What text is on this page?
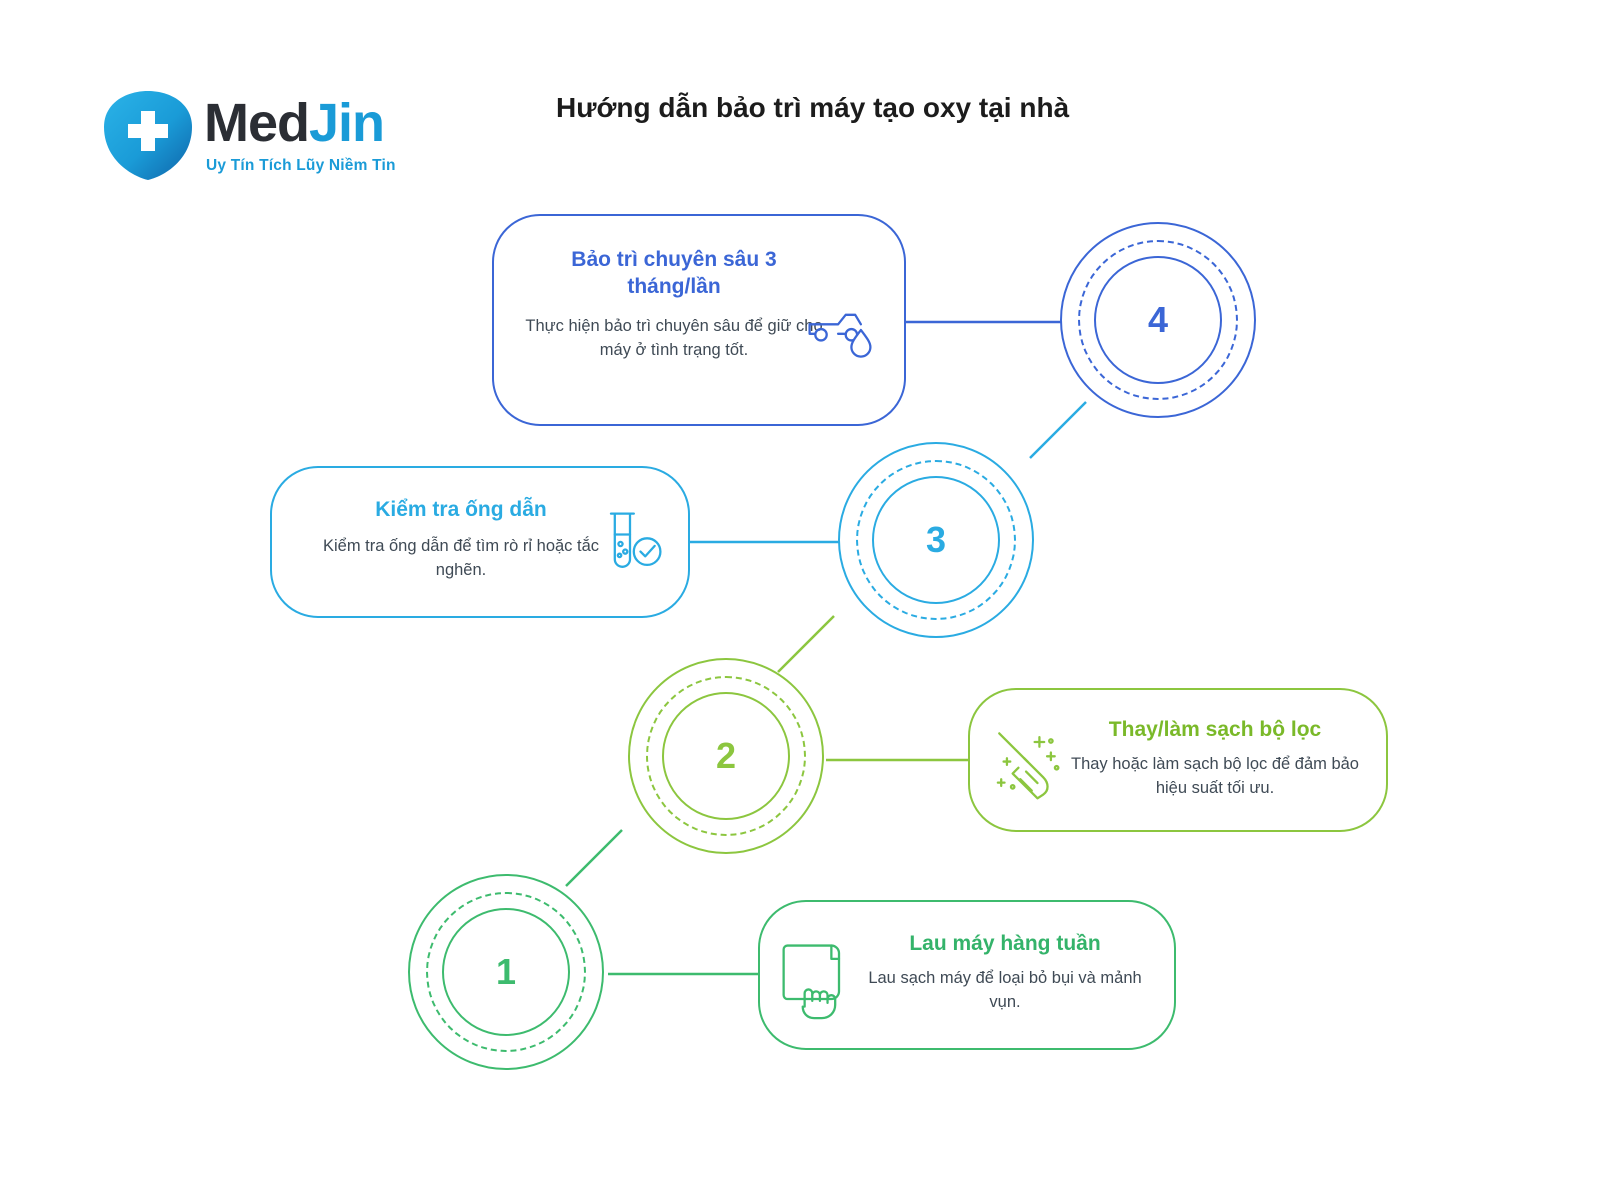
MedJin
Uy Tín Tích Lũy Niềm Tin
Hướng dẫn bảo trì máy tạo oxy tại nhà
4
3
2
1
Bảo trì chuyên sâu 3 tháng/lần
Thực hiện bảo trì chuyên sâu để giữ cho máy ở tình trạng tốt.
Kiểm tra ống dẫn
Kiểm tra ống dẫn để tìm rò rỉ hoặc tắc nghẽn.
Thay/làm sạch bộ lọc
Thay hoặc làm sạch bộ lọc để đảm bảo hiệu suất tối ưu.
Lau máy hàng tuần
Lau sạch máy để loại bỏ bụi và mảnh vụn.
